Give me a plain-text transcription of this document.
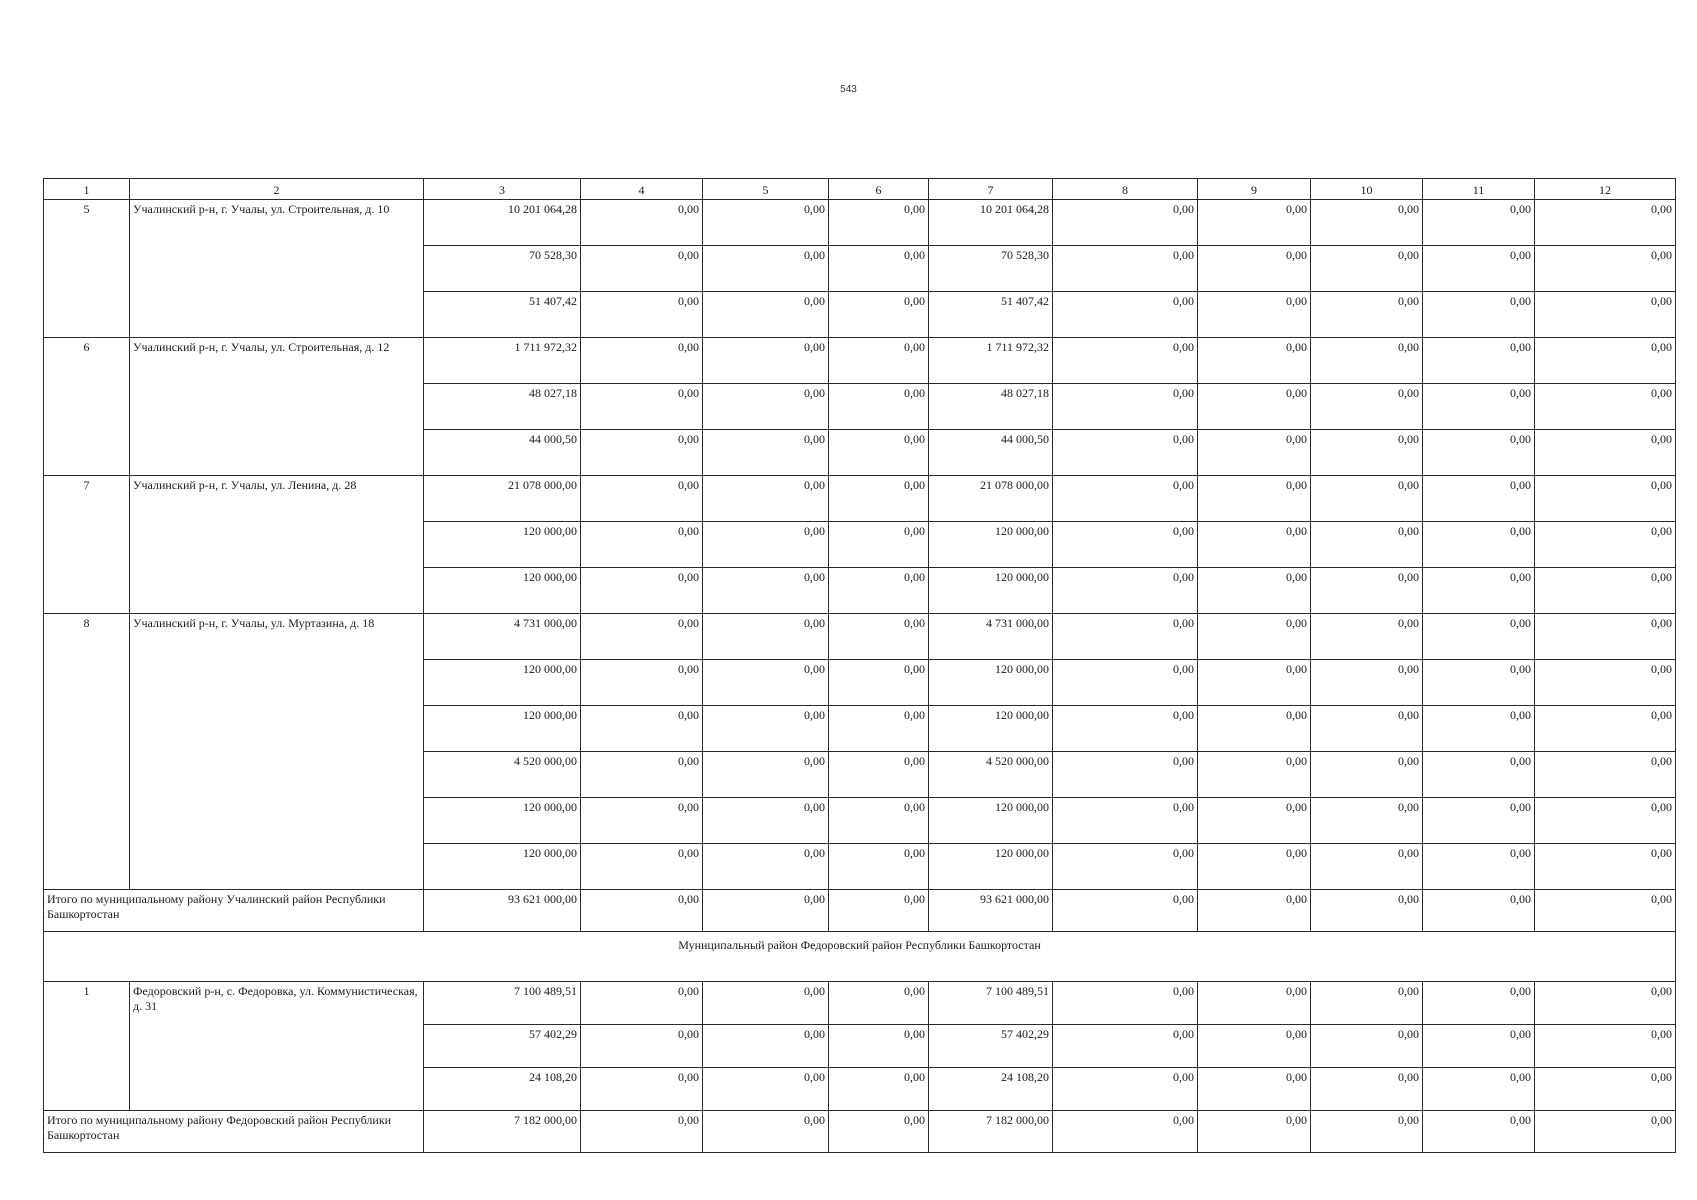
543
1	2	3	4	5	6	7	8	9	10	11	12
5	Учалинский р-н, г. Учалы, ул. Строительная, д. 10	10 201 064,28	0,00	0,00	0,00	10 201 064,28	0,00	0,00	0,00	0,00	0,00
		70 528,30	0,00	0,00	0,00	70 528,30	0,00	0,00	0,00	0,00	0,00
		51 407,42	0,00	0,00	0,00	51 407,42	0,00	0,00	0,00	0,00	0,00
6	Учалинский р-н, г. Учалы, ул. Строительная, д. 12	1 711 972,32	0,00	0,00	0,00	1 711 972,32	0,00	0,00	0,00	0,00	0,00
		48 027,18	0,00	0,00	0,00	48 027,18	0,00	0,00	0,00	0,00	0,00
		44 000,50	0,00	0,00	0,00	44 000,50	0,00	0,00	0,00	0,00	0,00
7	Учалинский р-н, г. Учалы, ул. Ленина, д. 28	21 078 000,00	0,00	0,00	0,00	21 078 000,00	0,00	0,00	0,00	0,00	0,00
		120 000,00	0,00	0,00	0,00	120 000,00	0,00	0,00	0,00	0,00	0,00
		120 000,00	0,00	0,00	0,00	120 000,00	0,00	0,00	0,00	0,00	0,00
8	Учалинский р-н, г. Учалы, ул. Муртазина, д. 18	4 731 000,00	0,00	0,00	0,00	4 731 000,00	0,00	0,00	0,00	0,00	0,00
		120 000,00	0,00	0,00	0,00	120 000,00	0,00	0,00	0,00	0,00	0,00
		120 000,00	0,00	0,00	0,00	120 000,00	0,00	0,00	0,00	0,00	0,00
		4 520 000,00	0,00	0,00	0,00	4 520 000,00	0,00	0,00	0,00	0,00	0,00
		120 000,00	0,00	0,00	0,00	120 000,00	0,00	0,00	0,00	0,00	0,00
		120 000,00	0,00	0,00	0,00	120 000,00	0,00	0,00	0,00	0,00	0,00
Итого по муниципальному району Учалинский район Республики Башкортостан		93 621 000,00	0,00	0,00	0,00	93 621 000,00	0,00	0,00	0,00	0,00	0,00
Муниципальный район Федоровский район Республики Башкортостан											
1	Федоровский р-н, с. Федоровка, ул. Коммунистическая, д. 31	7 100 489,51	0,00	0,00	0,00	7 100 489,51	0,00	0,00	0,00	0,00	0,00
		57 402,29	0,00	0,00	0,00	57 402,29	0,00	0,00	0,00	0,00	0,00
		24 108,20	0,00	0,00	0,00	24 108,20	0,00	0,00	0,00	0,00	0,00
Итого по муниципальному району Федоровский район Республики Башкортостан		7 182 000,00	0,00	0,00	0,00	7 182 000,00	0,00	0,00	0,00	0,00	0,00
